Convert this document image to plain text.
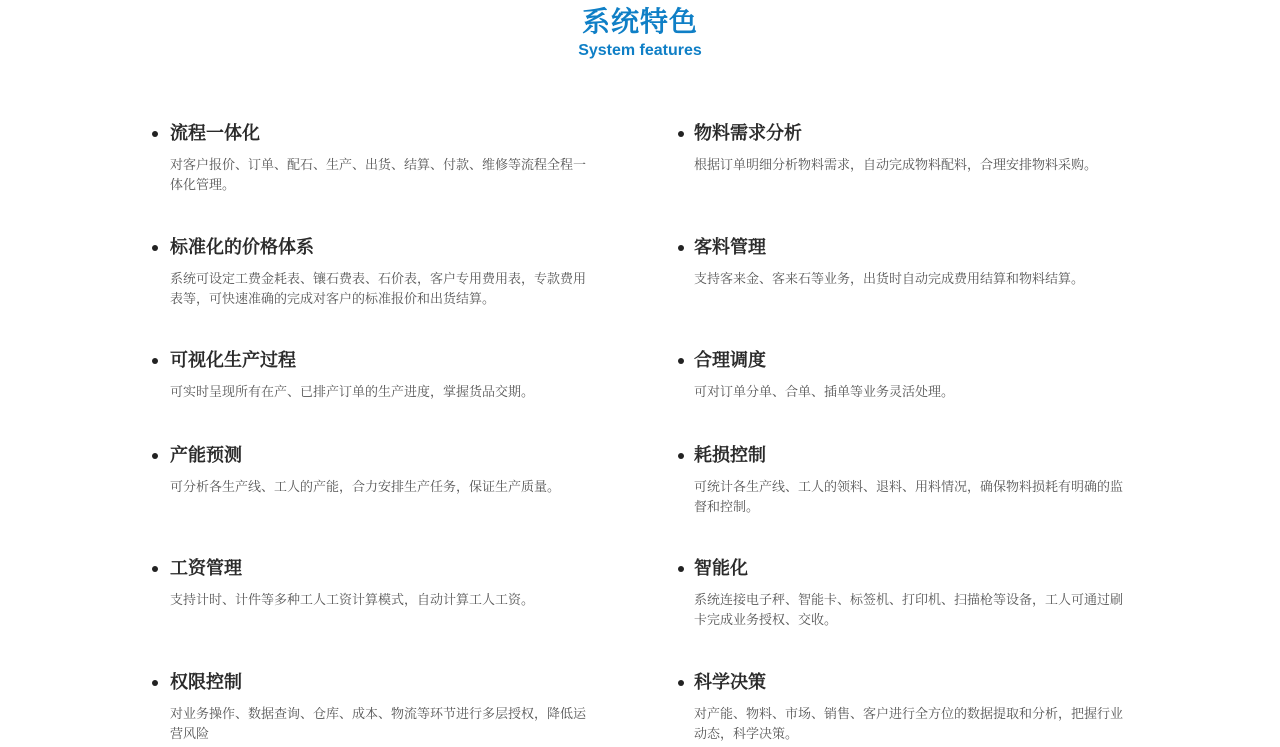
系统特色
System features
流程一体化
对客户报价、订单、配石、生产、出货、结算、付款、维修等流程全程一体化管理。
标准化的价格体系
系统可设定工费金耗表、镶石费表、石价表，客户专用费用表，专款费用表等，可快速准确的完成对客户的标准报价和出货结算。
可视化生产过程
可实时呈现所有在产、已排产订单的生产进度，掌握货品交期。
产能预测
可分析各生产线、工人的产能，合力安排生产任务，保证生产质量。
工资管理
支持计时、计件等多种工人工资计算模式，自动计算工人工资。
权限控制
对业务操作、数据查询、仓库、成本、物流等环节进行多层授权，降低运营风险
物料需求分析
根据订单明细分析物料需求，自动完成物料配料，合理安排物料采购。
客料管理
支持客来金、客来石等业务，出货时自动完成费用结算和物料结算。
合理调度
可对订单分单、合单、插单等业务灵活处理。
耗损控制
可统计各生产线、工人的领料、退料、用料情况，确保物料损耗有明确的监督和控制。
智能化
系统连接电子秤、智能卡、标签机、打印机、扫描枪等设备，工人可通过刷卡完成业务授权、交收。
科学决策
对产能、物料、市场、销售、客户进行全方位的数据提取和分析，把握行业动态，科学决策。
